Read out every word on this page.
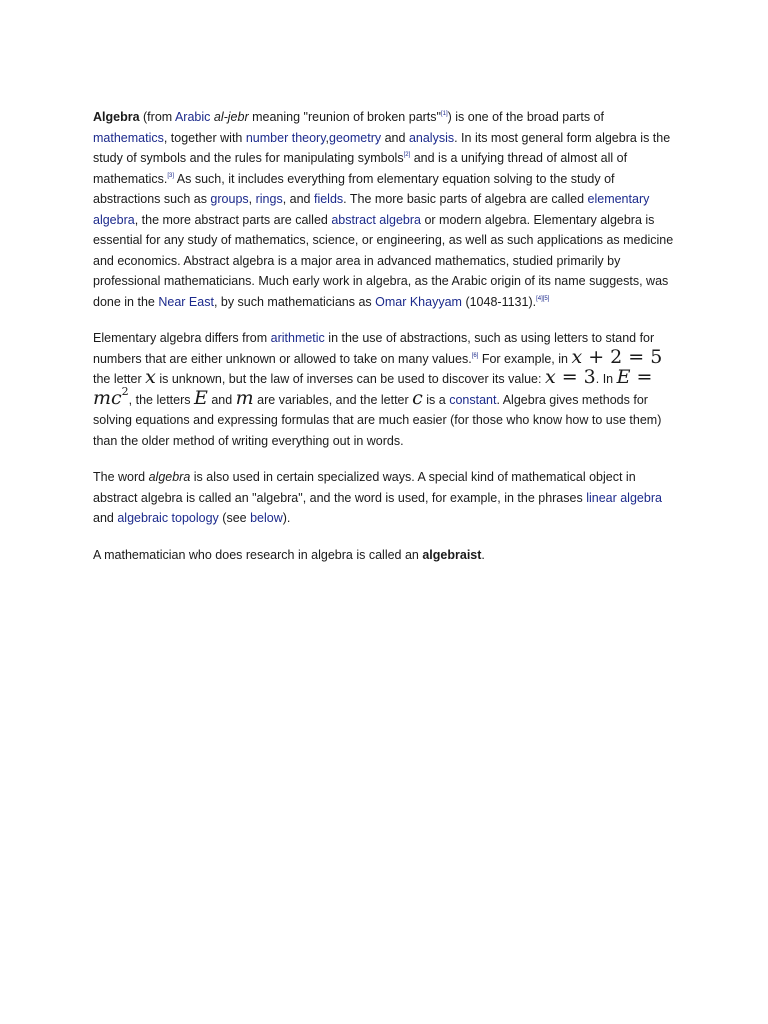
Algebra (from Arabic al-jebr meaning "reunion of broken parts"[1]) is one of the broad parts of mathematics, together with number theory,geometry and analysis. In its most general form algebra is the study of symbols and the rules for manipulating symbols[2] and is a unifying thread of almost all of mathematics.[3] As such, it includes everything from elementary equation solving to the study of abstractions such as groups, rings, and fields. The more basic parts of algebra are called elementary algebra, the more abstract parts are called abstract algebra or modern algebra. Elementary algebra is essential for any study of mathematics, science, or engineering, as well as such applications as medicine and economics. Abstract algebra is a major area in advanced mathematics, studied primarily by professional mathematicians. Much early work in algebra, as the Arabic origin of its name suggests, was done in the Near East, by such mathematicians as Omar Khayyam (1048-1131).[4][5]

Elementary algebra differs from arithmetic in the use of abstractions, such as using letters to stand for numbers that are either unknown or allowed to take on many values.[6] For example, in x + 2 = 5 the letter x is unknown, but the law of inverses can be used to discover its value: x = 3. In $E = mc^2$, the letters E and m are variables, and the letter c is a constant. Algebra gives methods for solving equations and expressing formulas that are much easier (for those who know how to use them) than the older method of writing everything out in words.

The word algebra is also used in certain specialized ways. A special kind of mathematical object in abstract algebra is called an "algebra", and the word is used, for example, in the phrases linear algebra and algebraic topology (see below).

A mathematician who does research in algebra is called an algebraist.
